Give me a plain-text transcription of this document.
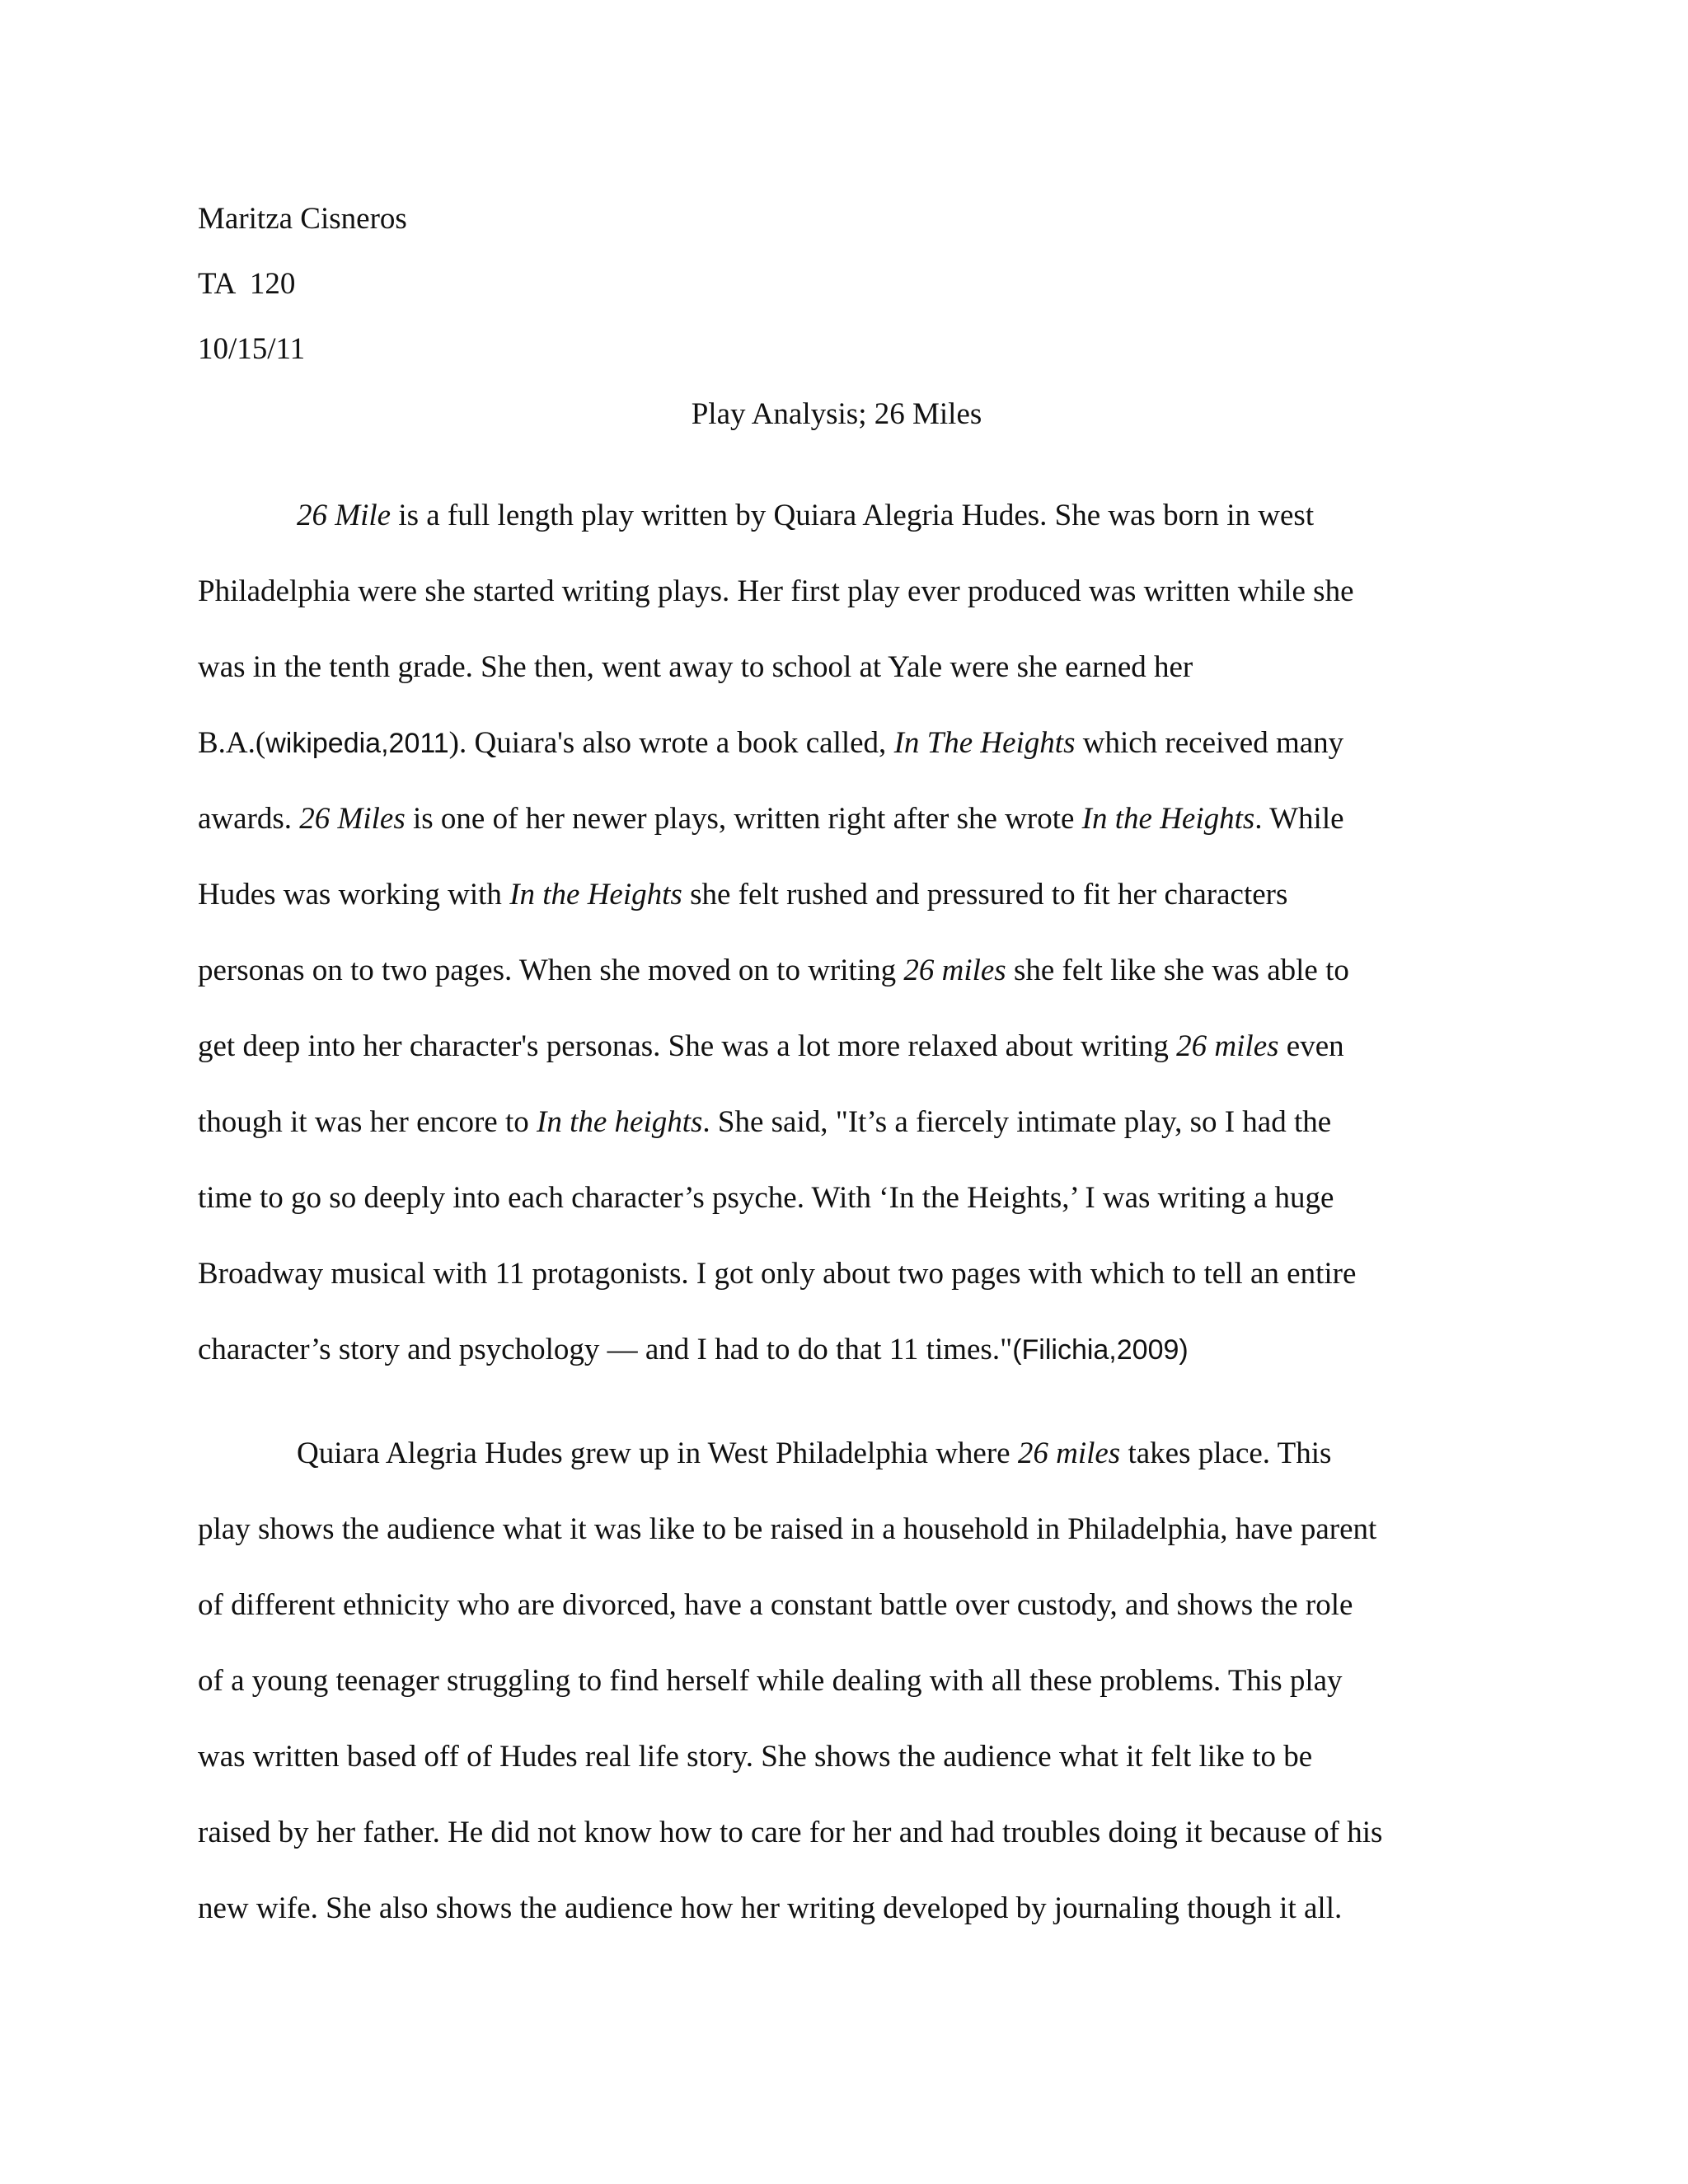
Maritza Cisneros
TA  120
10/15/11
Play Analysis; 26 Miles
26 Mile is a full length play written by Quiara Alegria Hudes. She was born in west
Philadelphia were she started writing plays. Her first play ever produced was written while she
was in the tenth grade. She then, went away to school at Yale were she earned her
B.A.(wikipedia,2011). Quiara's also wrote a book called, In The Heights which received many
awards. 26 Miles is one of her newer plays, written right after she wrote In the Heights. While
Hudes was working with In the Heights she felt rushed and pressured to fit her characters
personas on to two pages. When she moved on to writing 26 miles she felt like she was able to
get deep into her character's personas. She was a lot more relaxed about writing 26 miles even
though it was her encore to In the heights. She said, "It’s a fiercely intimate play, so I had the
time to go so deeply into each character’s psyche. With ‘In the Heights,’ I was writing a huge
Broadway musical with 11 protagonists. I got only about two pages with which to tell an entire
character’s story and psychology — and I had to do that 11 times."(Filichia,2009)
Quiara Alegria Hudes grew up in West Philadelphia where 26 miles takes place. This
play shows the audience what it was like to be raised in a household in Philadelphia, have parent
of different ethnicity who are divorced, have a constant battle over custody, and shows the role
of a young teenager struggling to find herself while dealing with all these problems. This play
was written based off of Hudes real life story. She shows the audience what it felt like to be
raised by her father. He did not know how to care for her and had troubles doing it because of his
new wife. She also shows the audience how her writing developed by journaling though it all.
